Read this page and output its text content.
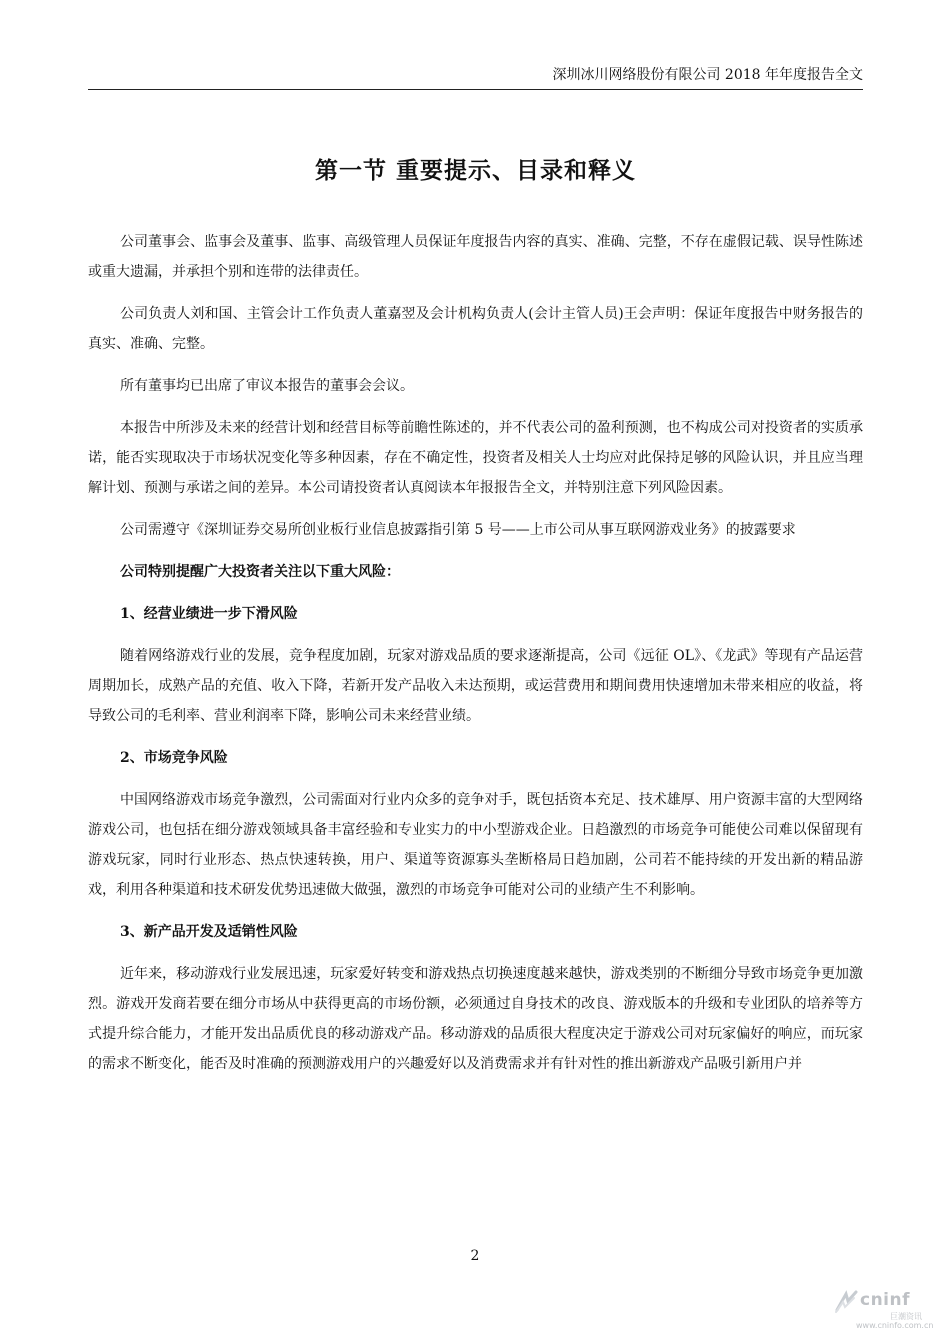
深圳冰川网络股份有限公司 2018 年年度报告全文
第一节 重要提示、目录和释义

公司董事会、监事会及董事、监事、高级管理人员保证年度报告内容的真实、准确、完整，不存在虚假记载、误导性陈述或重大遗漏，并承担个别和连带的法律责任。

公司负责人刘和国、主管会计工作负责人董嘉翌及会计机构负责人(会计主管人员)王会声明：保证年度报告中财务报告的真实、准确、完整。

所有董事均已出席了审议本报告的董事会会议。

本报告中所涉及未来的经营计划和经营目标等前瞻性陈述的，并不代表公司的盈利预测，也不构成公司对投资者的实质承诺，能否实现取决于市场状况变化等多种因素，存在不确定性，投资者及相关人士均应对此保持足够的风险认识，并且应当理解计划、预测与承诺之间的差异。本公司请投资者认真阅读本年报报告全文，并特别注意下列风险因素。

公司需遵守《深圳证券交易所创业板行业信息披露指引第 5 号——上市公司从事互联网游戏业务》的披露要求

公司特别提醒广大投资者关注以下重大风险：

1、经营业绩进一步下滑风险

随着网络游戏行业的发展，竞争程度加剧，玩家对游戏品质的要求逐渐提高，公司《远征 OL》、《龙武》等现有产品运营周期加长，成熟产品的充值、收入下降，若新开发产品收入未达预期，或运营费用和期间费用快速增加未带来相应的收益，将导致公司的毛利率、营业利润率下降，影响公司未来经营业绩。

2、市场竞争风险

中国网络游戏市场竞争激烈，公司需面对行业内众多的竞争对手，既包括资本充足、技术雄厚、用户资源丰富的大型网络游戏公司，也包括在细分游戏领域具备丰富经验和专业实力的中小型游戏企业。日趋激烈的市场竞争可能使公司难以保留现有游戏玩家，同时行业形态、热点快速转换，用户、渠道等资源寡头垄断格局日趋加剧，公司若不能持续的开发出新的精品游戏，利用各种渠道和技术研发优势迅速做大做强，激烈的市场竞争可能对公司的业绩产生不利影响。

3、新产品开发及适销性风险

近年来，移动游戏行业发展迅速，玩家爱好转变和游戏热点切换速度越来越快，游戏类别的不断细分导致市场竞争更加激烈。游戏开发商若要在细分市场从中获得更高的市场份额，必须通过自身技术的改良、游戏版本的升级和专业团队的培养等方式提升综合能力，才能开发出品质优良的移动游戏产品。移动游戏的品质很大程度决定于游戏公司对玩家偏好的响应，而玩家的需求不断变化，能否及时准确的预测游戏用户的兴趣爱好以及消费需求并有针对性的推出新游戏产品吸引新用户并

2
cninf
巨潮资讯
www.cninfo.com.cn
